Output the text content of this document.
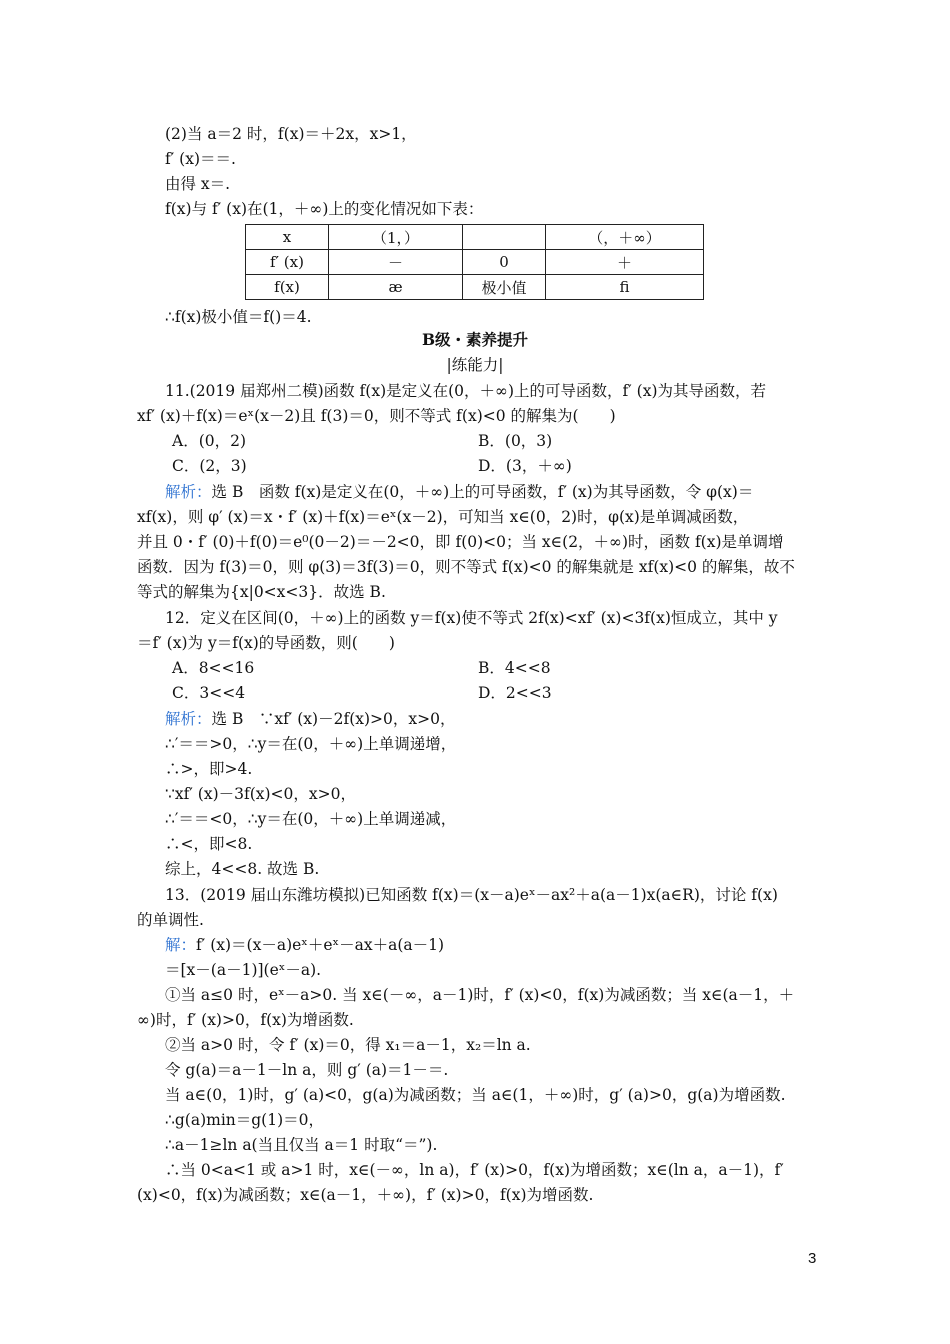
(2)当 a＝2 时，f(x)＝＋2x，x>1，
f′ (x)＝＝.
由得 x＝.
f(x)与 f′ (x)在(1，＋∞)上的变化情况如下表：
x	（1，）		（，＋∞）
f′ (x)	－	0	＋
f(x)	æ	极小值	ﬁ
∴f(x)极小值＝f()＝4.
B级・素养提升
|练能力|
11.(2019 届郑州二模)函数 f(x)是定义在(0，＋∞)上的可导函数，f′ (x)为其导函数，若
xf′ (x)＋f(x)＝eˣ(x－2)且 f(3)＝0，则不等式 f(x)<0 的解集为(　　)
A．(0，2)	B．(0，3)
C．(2，3)	D．(3，＋∞)
解析：选 B　函数 f(x)是定义在(0，＋∞)上的可导函数，f′ (x)为其导函数，令 φ(x)＝
xf(x)，则 φ′ (x)＝x・f′ (x)＋f(x)＝eˣ(x－2)，可知当 x∈(0，2)时，φ(x)是单调减函数，
并且 0・f′ (0)＋f(0)＝e⁰(0－2)＝－2<0，即 f(0)<0；当 x∈(2，＋∞)时，函数 f(x)是单调增
函数．因为 f(3)＝0，则 φ(3)＝3f(3)＝0，则不等式 f(x)<0 的解集就是 xf(x)<0 的解集，故不
等式的解集为{x|0<x<3}．故选 B.
12．定义在区间(0，＋∞)上的函数 y＝f(x)使不等式 2f(x)<xf′ (x)<3f(x)恒成立，其中 y
＝f′ (x)为 y＝f(x)的导函数，则(　　)
A．8<<16	B．4<<8
C．3<<4	D．2<<3
解析：选 B　∵xf′ (x)－2f(x)>0，x>0，
∴′＝＝>0，∴y＝在(0，＋∞)上单调递增，
∴>，即>4.
∵xf′ (x)－3f(x)<0，x>0，
∴′＝＝<0，∴y＝在(0，＋∞)上单调递减，
∴<，即<8.
综上，4<<8. 故选 B.
13．(2019 届山东潍坊模拟)已知函数 f(x)＝(x－a)eˣ－ax²＋a(a－1)x(a∈R)，讨论 f(x)
的单调性.
解：f′ (x)＝(x－a)eˣ＋eˣ－ax＋a(a－1)
＝[x－(a－1)](eˣ－a).
①当 a≤0 时，eˣ－a>0. 当 x∈(－∞，a－1)时，f′ (x)<0，f(x)为减函数；当 x∈(a－1，＋
∞)时，f′ (x)>0，f(x)为增函数.
②当 a>0 时，令 f′ (x)＝0，得 x₁＝a－1，x₂＝ln a.
令 g(a)＝a－1－ln a，则 g′ (a)＝1－＝.
当 a∈(0，1)时，g′ (a)<0，g(a)为减函数；当 a∈(1，＋∞)时，g′ (a)>0，g(a)为增函数.
∴g(a)min＝g(1)＝0，
∴a－1≥ln a(当且仅当 a＝1 时取“＝”).
∴当 0<a<1 或 a>1 时，x∈(－∞，ln a)，f′ (x)>0，f(x)为增函数；x∈(ln a，a－1)，f′
(x)<0，f(x)为减函数；x∈(a－1，＋∞)，f′ (x)>0，f(x)为增函数.
3
